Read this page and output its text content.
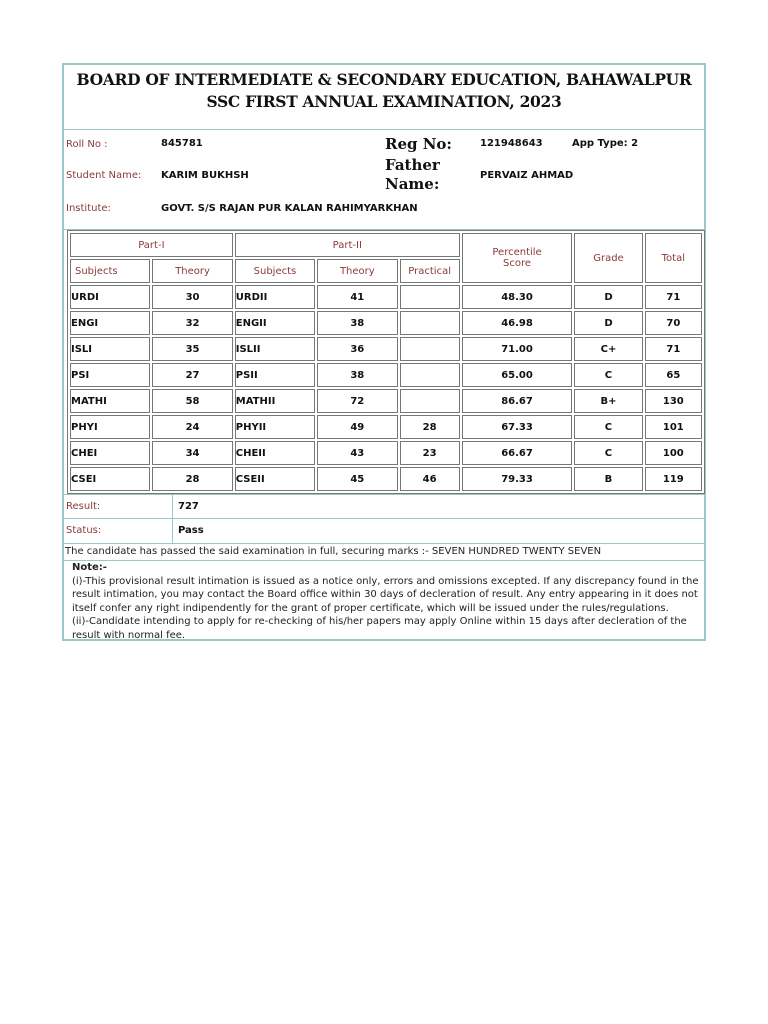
BOARD OF INTERMEDIATE & SECONDARY EDUCATION, BAHAWALPUR
SSC FIRST ANNUAL EXAMINATION, 2023
Roll No :	845781	Reg No:	121948643	App Type: 2
Student Name: KARIM BUKHSH
Father
Name:	PERVAIZ AHMAD
Institute:	GOVT. S/S RAJAN PUR KALAN RAHIMYARKHAN
Part-I		Part-II			Percentile
Score	Grade	Total
Subjects	Theory	Subjects	Theory	Practical			
URDI	30	URDII	41		48.30	D	71
ENGI	32	ENGII	38		46.98	D	70
ISLI	35	ISLII	36		71.00	C+	71
PSI	27	PSII	38		65.00	C	65
MATHI	58	MATHII	72		86.67	B+	130
PHYI	24	PHYII	49	28	67.33	C	101
CHEI	34	CHEII	43	23	66.67	C	100
CSEI	28	CSEII	45	46	79.33	B	119
Result:	727
Status:	Pass
The candidate has passed the said examination in full, securing marks :- SEVEN HUNDRED TWENTY SEVEN
Note:-
(i)-This provisional result intimation is issued as a notice only, errors and omissions excepted. If any discrepancy found in the result intimation, you may contact the Board office within 30 days of decleration of result. Any entry appearing in it does not itself confer any right indipendently for the grant of proper certificate, which will be issued under the rules/regulations.
(ii)-Candidate intending to apply for re-checking of his/her papers may apply Online within 15 days after decleration of the result with normal fee.
